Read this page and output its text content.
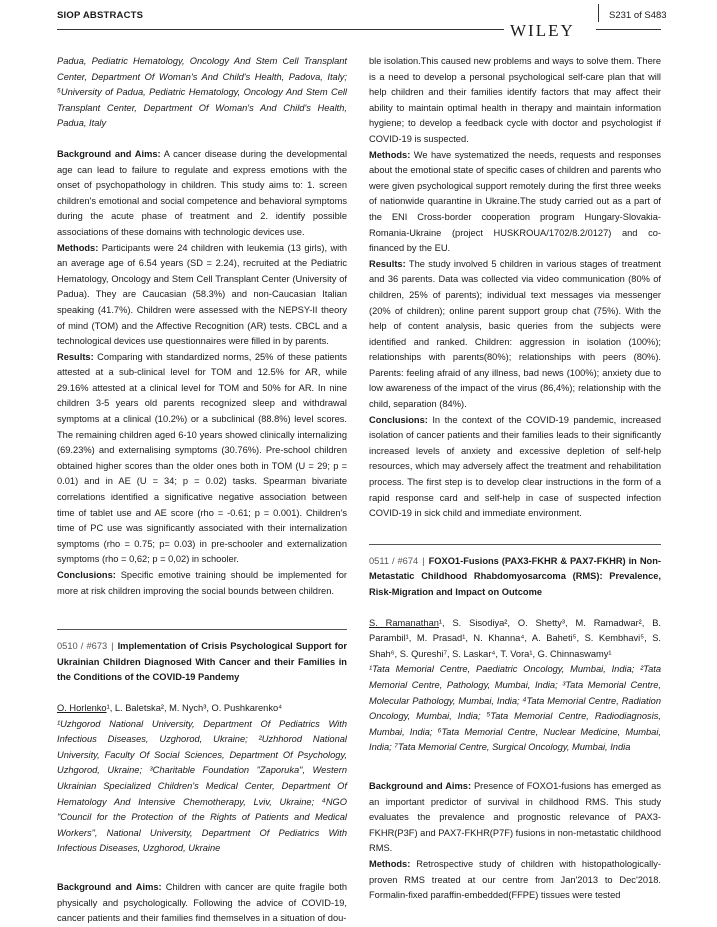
SIOP ABSTRACTS
WILEY
S231 of S483

Padua, Pediatric Hematology, Oncology And Stem Cell Transplant Center, Department Of Woman's And Child's Health, Padova, Italy; ⁵University of Padua, Pediatric Hematology, Oncology And Stem Cell Transplant Center, Department Of Woman's And Child's Health, Padua, Italy

Background and Aims: A cancer disease during the developmental age can lead to failure to regulate and express emotions with the onset of psychopathology in children. This study aims to: 1. screen children's emotional and social competence and behavioral symptoms during the acute phase of treatment and 2. identify possible associations of these domains with technologic devices use.

Methods: Participants were 24 children with leukemia (13 girls), with an average age of 6.54 years (SD = 2.24), recruited at the Pediatric Hematology, Oncology and Stem Cell Transplant Center (University of Padua). They are Caucasian (58.3%) and non-Caucasian Italian speaking (41.7%). Children were assessed with the NEPSY-II theory of mind (TOM) and the Affective Recognition (AR) tests. CBCL and a technological devices use questionnaires were filled in by parents.

Results: Comparing with standardized norms, 25% of these patients attested at a sub-clinical level for TOM and 12.5% for AR, while 29.16% attested at a clinical level for TOM and 50% for AR. In nine children 3-5 years old parents recognized sleep and withdrawal symptoms at a clinical (10.2%) or a subclinical (88.8%) level scores. The remaining children aged 6-10 years showed clinically internalizing (69.23%) and externalising symptoms (30.76%). Pre-school children obtained higher scores than the older ones both in TOM (U = 29; p = 0.01) and in AE (U = 34; p = 0.02) tasks. Spearman bivariate correlations identified a significative negative association between time of tablet use and AE score (rho = -0.61; p = 0.001). Children's time of PC use was significantly associated with their internalization symptoms (rho = 0.75; p= 0.03) in pre-schooler and externalization symptoms (rho = 0,62; p = 0,02) in schooler.

Conclusions: Specific emotive training should be implemented for more at risk children improving the social bounds between children.

0510 / #673 | Implementation of Crisis Psychological Support for Ukrainian Children Diagnosed With Cancer and their Families in the Conditions of the COVID-19 Pandemy

O. Horlenko¹, L. Baletska², M. Nych³, O. Pushkarenko⁴

¹Uzhgorod National University, Department Of Pediatrics With Infectious Diseases, Uzghorod, Ukraine; ²Uzhhorod National University, Faculty Of Social Sciences, Department Of Psychology, Uzhgorod, Ukraine; ³Charitable Foundation "Zaporuka", Western Ukrainian Specialized Children's Medical Center, Department Of Hematology And Intensive Chemotherapy, Lviv, Ukraine; ⁴NGO "Council for the Protection of the Rights of Patients and Medical Workers", National University, Department Of Pediatrics With Infectious Diseases, Uzghorod, Ukraine

Background and Aims: Children with cancer are quite fragile both physically and psychologically. Following the advice of COVID-19, cancer patients and their families find themselves in a situation of dou-

ble isolation.This caused new problems and ways to solve them. There is a need to develop a personal psychological self-care plan that will help children and their families identify factors that may affect their ability to maintain optimal health in therapy and maintain information hygiene; to develop a feedback cycle with doctor and psychologist if COVID-19 is suspected.

Methods: We have systematized the needs, requests and responses about the emotional state of specific cases of children and parents who were given psychological support remotely during the first three weeks of nationwide quarantine in Ukraine.The study carried out as a part of the ENI Cross-border cooperation program Hungary-Slovakia-Romania-Ukraine (project HUSKROUA/1702/8.2/0127) and co-financed by the EU.

Results: The study involved 5 children in various stages of treatment and 36 parents. Data was collected via video communication (80% of children, 25% of parents); individual text messages via messenger (20% of children); online parent support group chat (75%). With the help of content analysis, basic queries from the subjects were identified and ranked. Children: aggression in isolation (100%); relationships with parents(80%); relationships with peers (80%). Parents: feeling afraid of any illness, bad news (100%); anxiety due to low awareness of the impact of the virus (86,4%); relationship with the child, separation (84%).

Conclusions: In the context of the COVID-19 pandemic, increased isolation of cancer patients and their families leads to their significantly increased levels of anxiety and excessive depletion of self-help resources, which may adversely affect the treatment and rehabilitation process. The first step is to develop clear instructions in the form of a rapid response card and self-help in case of suspected infection COVID-19 in sick child and immediate environment.

0511 / #674 | FOXO1-Fusions (PAX3-FKHR & PAX7-FKHR) in Non-Metastatic Childhood Rhabdomyosarcoma (RMS): Prevalence, Risk-Migration and Impact on Outcome

S. Ramanathan¹, S. Sisodiya², O. Shetty³, M. Ramadwar², B. Parambil¹, M. Prasad¹, N. Khanna⁴, A. Baheti⁵, S. Kembhavi⁵, S. Shah⁶, S. Qureshi⁷, S. Laskar⁴, T. Vora¹, G. Chinnaswamy¹

¹Tata Memorial Centre, Paediatric Oncology, Mumbai, India; ²Tata Memorial Centre, Pathology, Mumbai, India; ³Tata Memorial Centre, Molecular Pathology, Mumbai, India; ⁴Tata Memorial Centre, Radiation Oncology, Mumbai, India; ⁵Tata Memorial Centre, Radiodiagnosis, Mumbai, India; ⁶Tata Memorial Centre, Nuclear Medicine, Mumbai, India; ⁷Tata Memorial Centre, Surgical Oncology, Mumbai, India

Background and Aims: Presence of FOXO1-fusions has emerged as an important predictor of survival in childhood RMS. This study evaluates the prevalence and prognostic relevance of PAX3-FKHR(P3F) and PAX7-FKHR(P7F) fusions in non-metastatic childhood RMS.

Methods: Retrospective study of children with histopathologically-proven RMS treated at our centre from Jan'2013 to Dec'2018. Formalin-fixed paraffin-embedded(FFPE) tissues were tested
